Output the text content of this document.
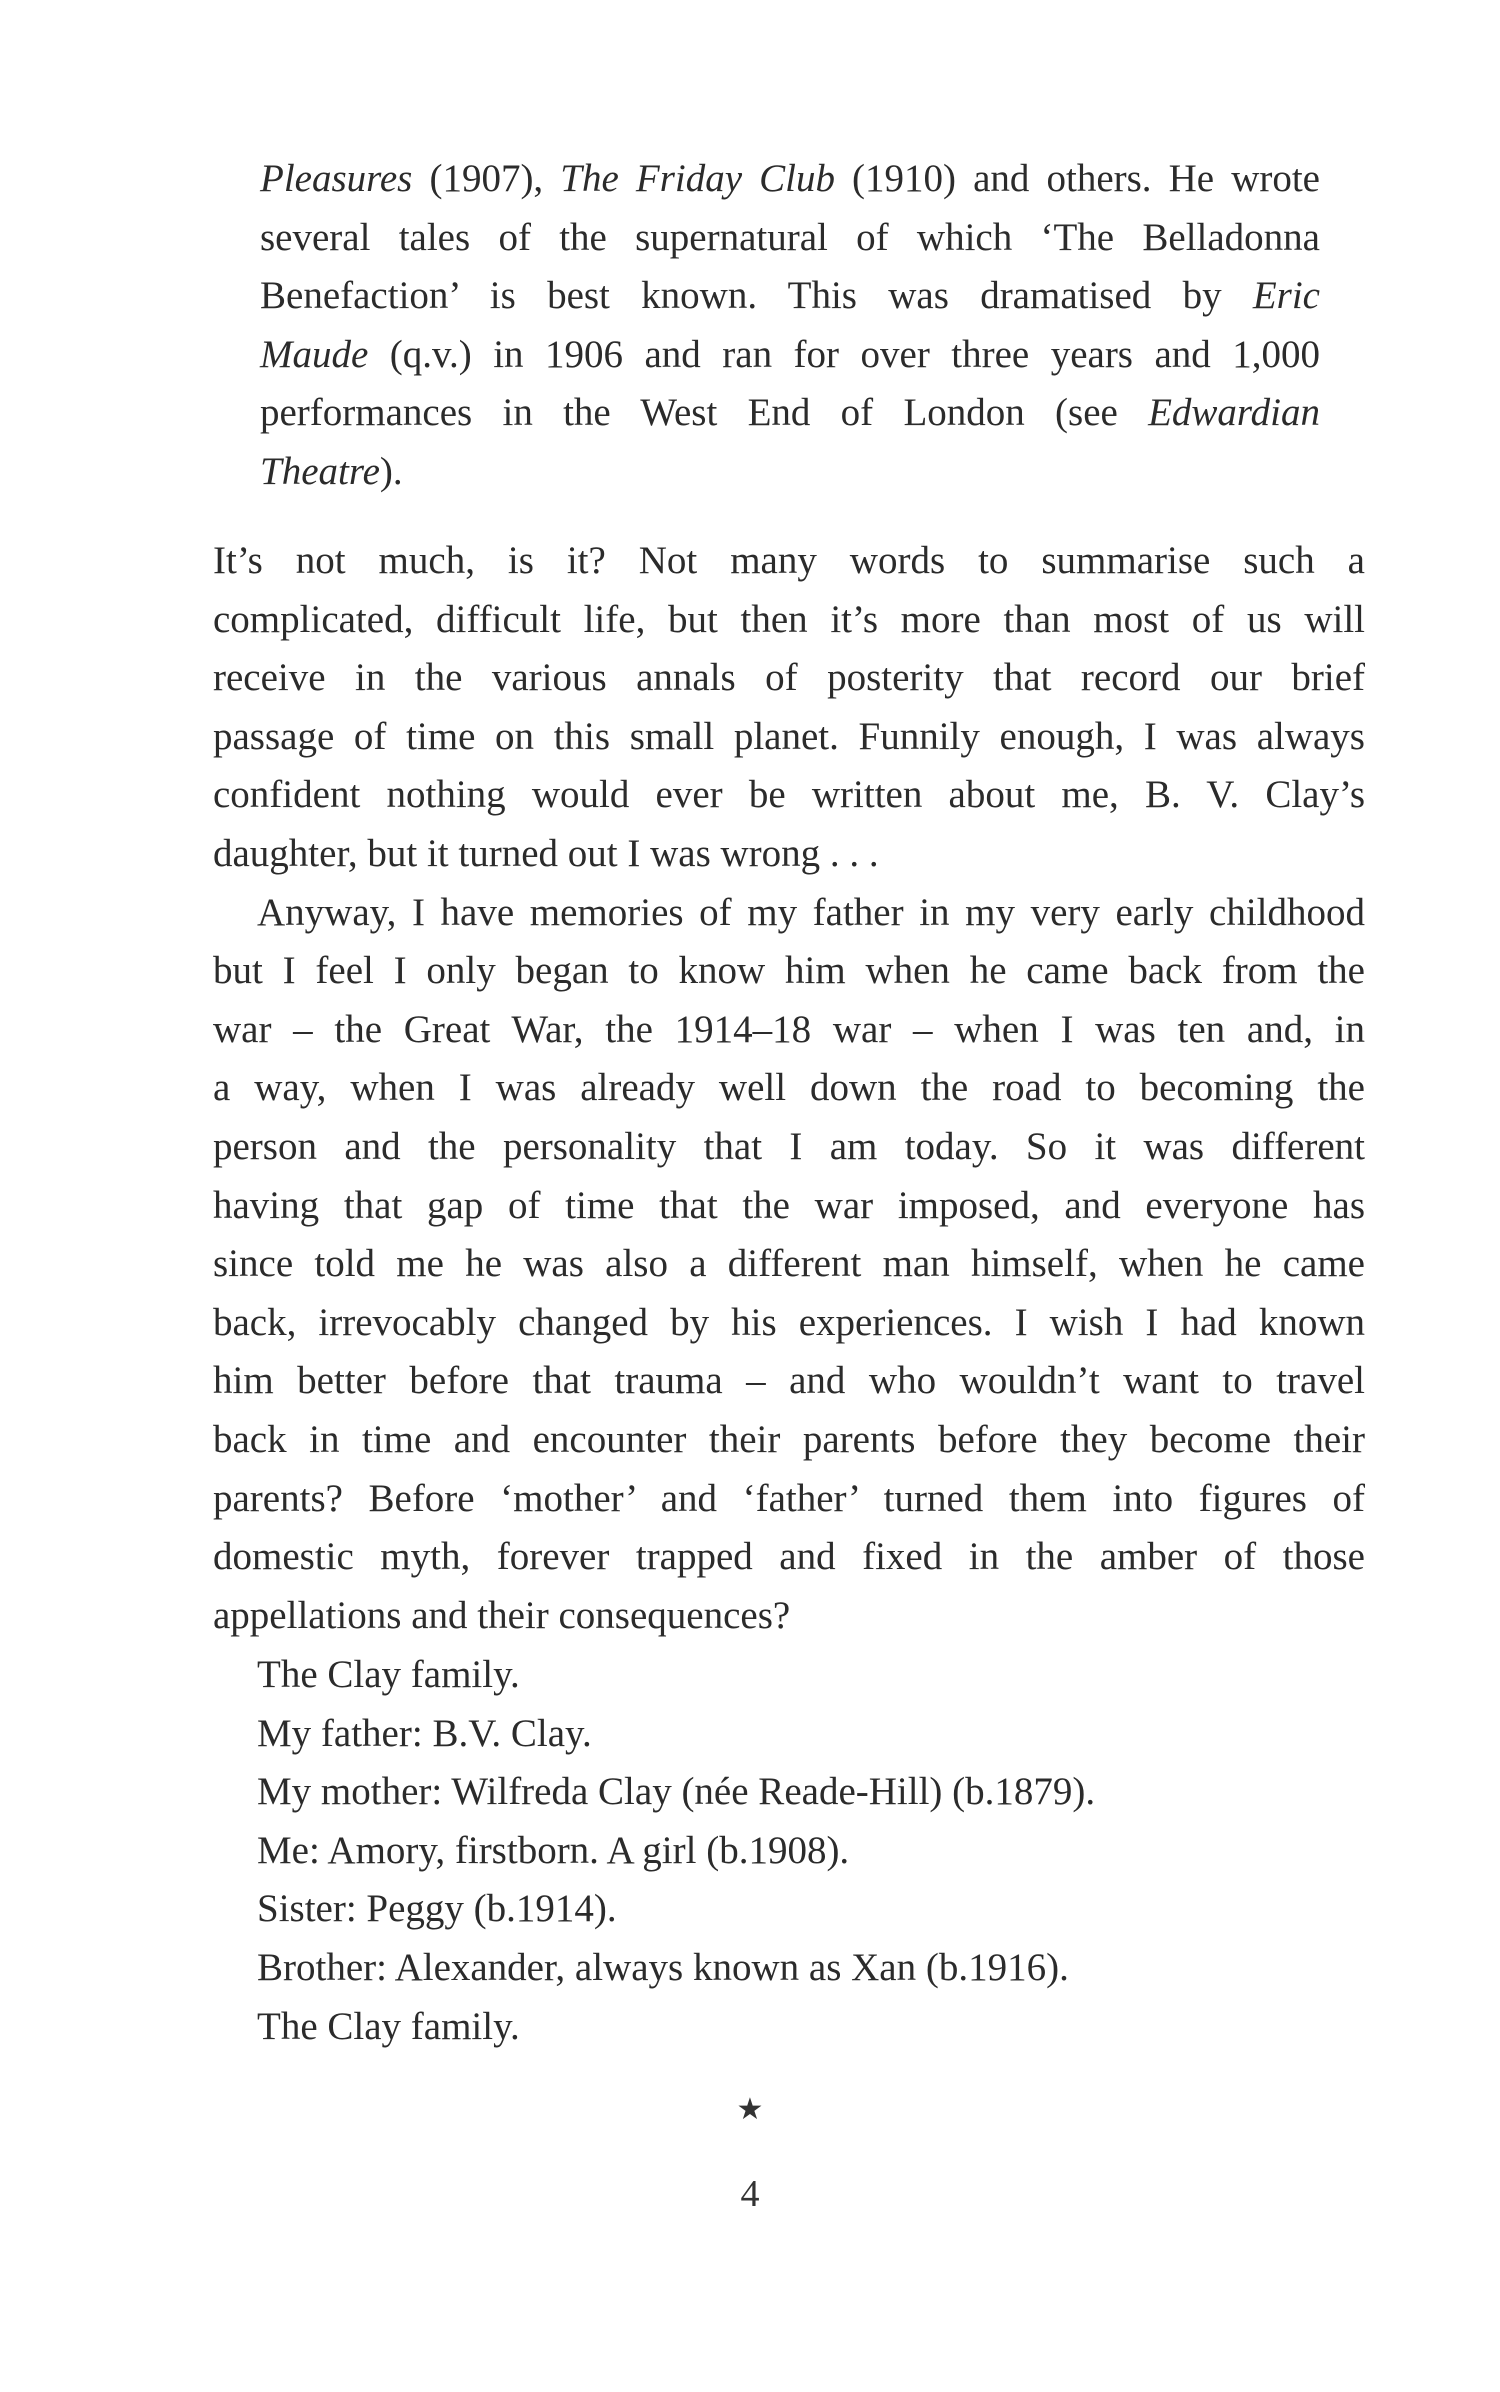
Pleasures (1907), The Friday Club (1910) and others. He wrote
several tales of the supernatural of which ‘The Belladonna
Benefaction’ is best known. This was dramatised by Eric
Maude (q.v.) in 1906 and ran for over three years and 1,000
performances in the West End of London (see Edwardian
Theatre).
It’s not much, is it? Not many words to summarise such a
complicated, difficult life, but then it’s more than most of us will
receive in the various annals of posterity that record our brief
passage of time on this small planet. Funnily enough, I was always
confident nothing would ever be written about me, B. V. Clay’s
daughter, but it turned out I was wrong . . .
Anyway, I have memories of my father in my very early childhood
but I feel I only began to know him when he came back from the
war – the Great War, the 1914–18 war – when I was ten and, in
a way, when I was already well down the road to becoming the
person and the personality that I am today. So it was different
having that gap of time that the war imposed, and everyone has
since told me he was also a different man himself, when he came
back, irrevocably changed by his experiences. I wish I had known
him better before that trauma – and who wouldn’t want to travel
back in time and encounter their parents before they become their
parents? Before ‘mother’ and ‘father’ turned them into figures of
domestic myth, forever trapped and fixed in the amber of those
appellations and their consequences?
The Clay family.
My father: B.V. Clay.
My mother: Wilfreda Clay (née Reade-Hill) (b.1879).
Me: Amory, firstborn. A girl (b.1908).
Sister: Peggy (b.1914).
Brother: Alexander, always known as Xan (b.1916).
The Clay family.
★
4
